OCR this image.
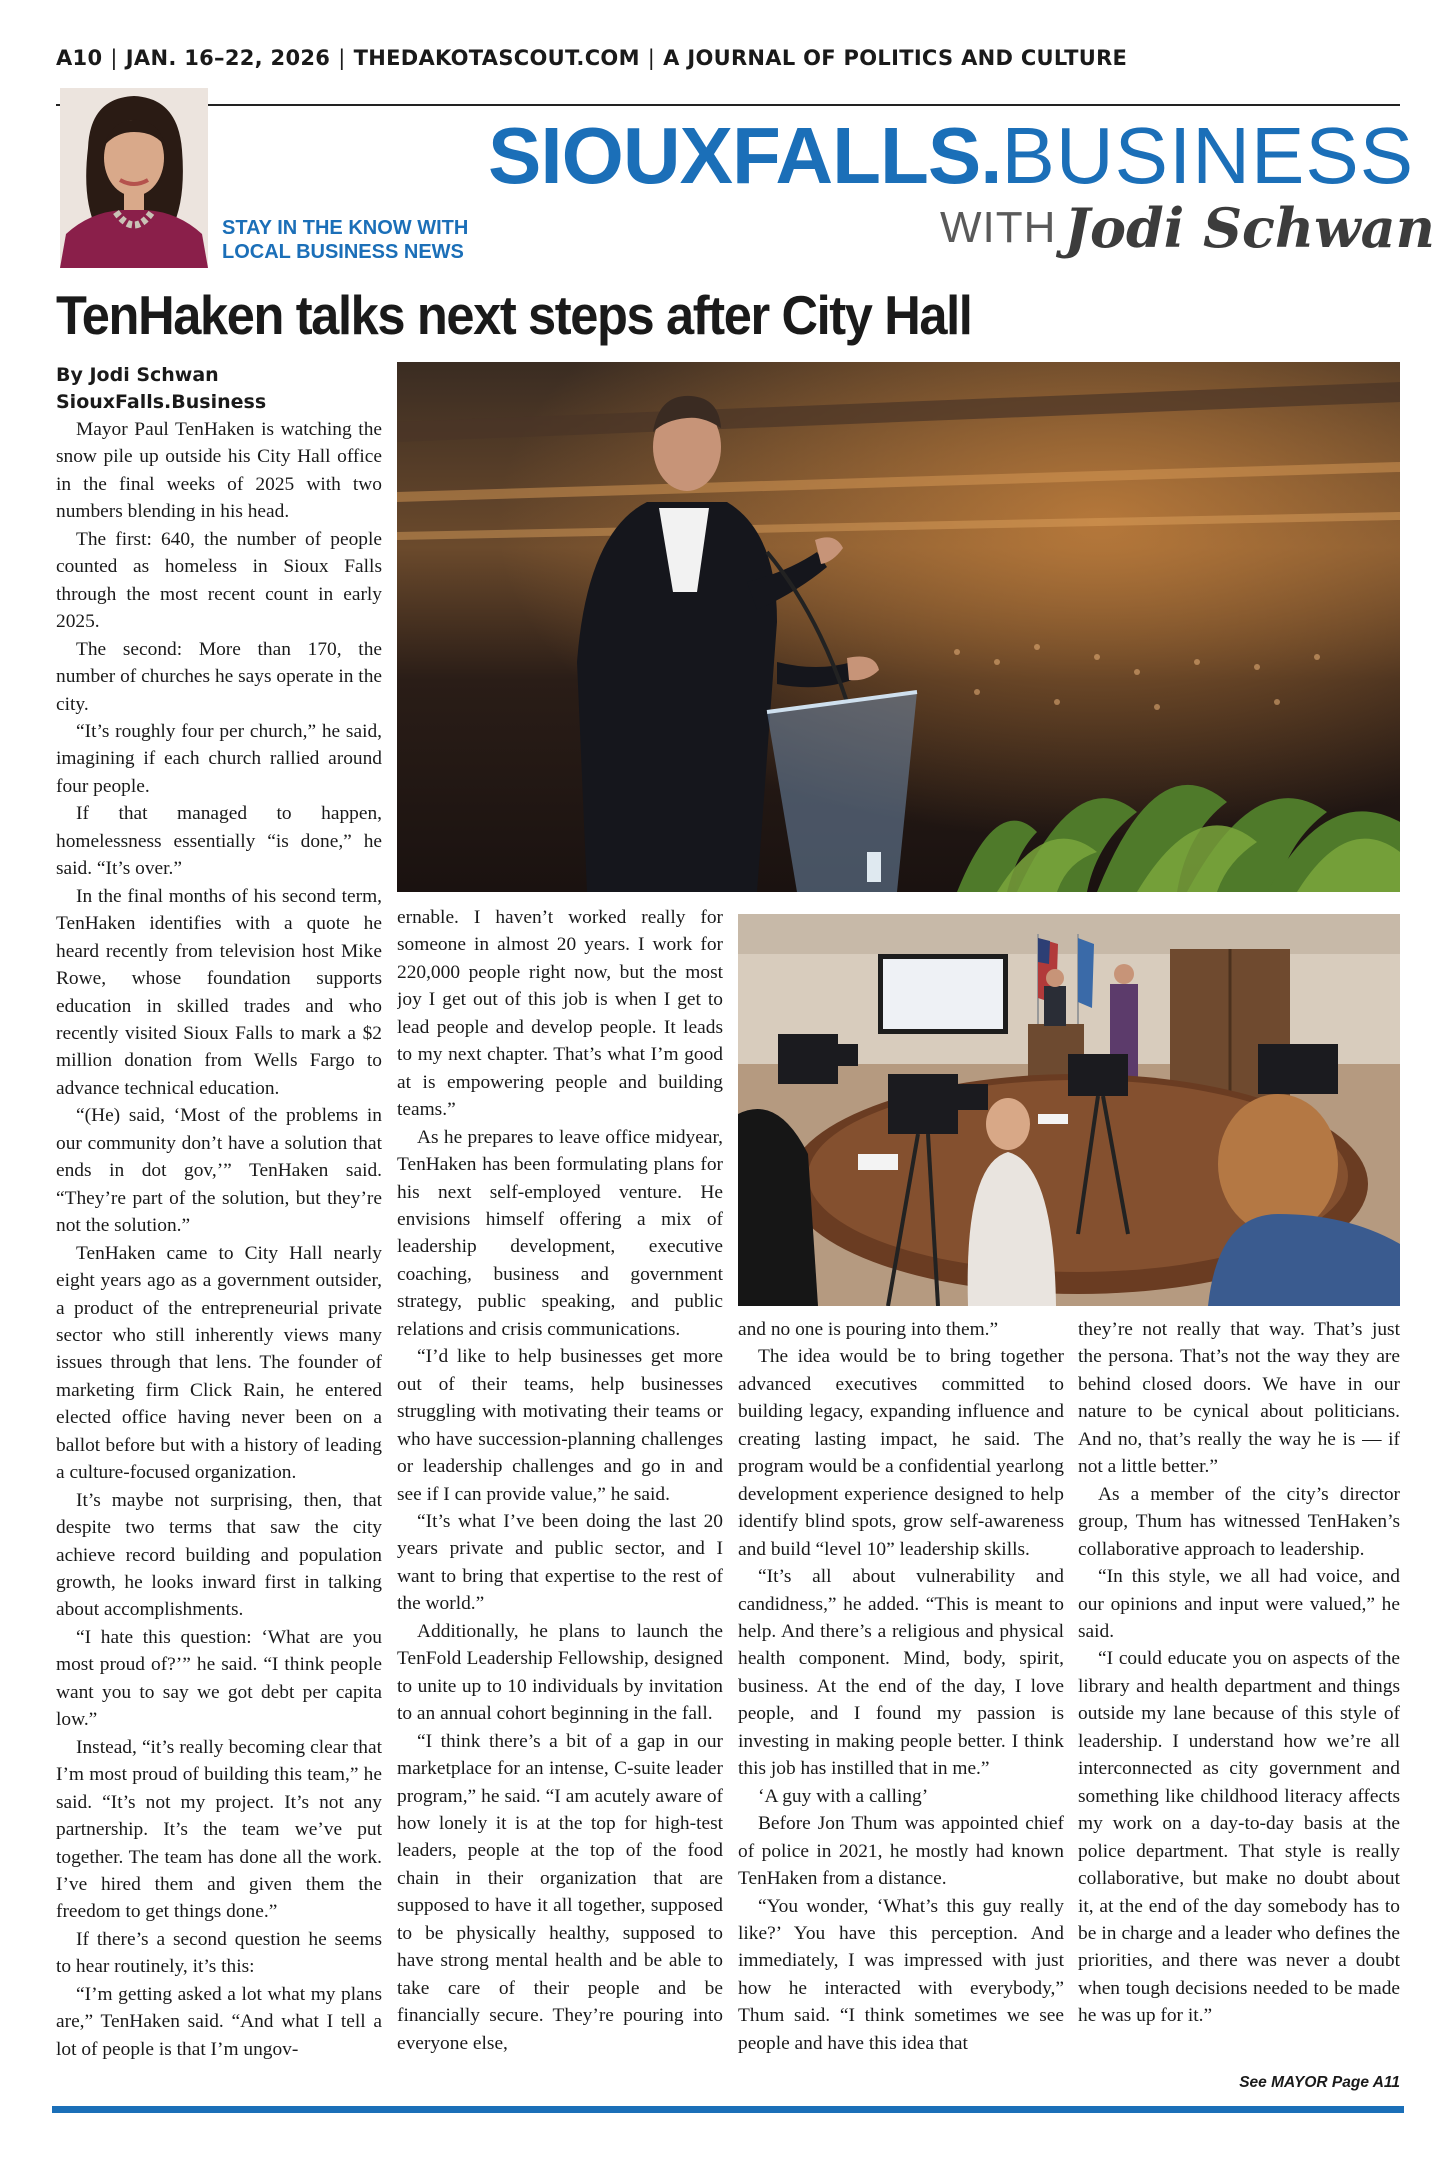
A10 | JAN. 16–22, 2026 | THEDAKOTASCOUT.COM | A JOURNAL OF POLITICS AND CULTURE
STAY IN THE KNOW WITH LOCAL BUSINESS NEWS
SIOUXFALLS.BUSINESS
WITH Jodi Schwan
TenHaken talks next steps after City Hall
By Jodi Schwan
SiouxFalls.Business

Mayor Paul TenHaken is watching the snow pile up outside his City Hall office in the final weeks of 2025 with two numbers blending in his head.

The first: 640, the number of people counted as homeless in Sioux Falls through the most recent count in early 2025.

The second: More than 170, the number of churches he says operate in the city.

“It’s roughly four per church,” he said, imagining if each church rallied around four people.

If that managed to happen, homelessness essentially “is done,” he said. “It’s over.”

In the final months of his second term, TenHaken identifies with a quote he heard recently from television host Mike Rowe, whose foundation supports education in skilled trades and who recently visited Sioux Falls to mark a $2 million donation from Wells Fargo to advance technical education.

“(He) said, ‘Most of the problems in our community don’t have a solution that ends in dot gov,’” TenHaken said. “They’re part of the solution, but they’re not the solution.”

TenHaken came to City Hall nearly eight years ago as a government outsider, a product of the entrepreneurial private sector who still inherently views many issues through that lens. The founder of marketing firm Click Rain, he entered elected office having never been on a ballot before but with a history of leading a culture-focused organization.

It’s maybe not surprising, then, that despite two terms that saw the city achieve record building and population growth, he looks inward first in talking about accomplishments.

“I hate this question: ‘What are you most proud of?’” he said. “I think people want you to say we got debt per capita low.”

Instead, “it’s really becoming clear that I’m most proud of building this team,” he said. “It’s not my project. It’s not any partnership. It’s the team we’ve put together. The team has done all the work. I’ve hired them and given them the freedom to get things done.”

If there’s a second question he seems to hear routinely, it’s this:

“I’m getting asked a lot what my plans are,” TenHaken said. “And what I tell a lot of people is that I’m ungov-

ernable. I haven’t worked really for someone in almost 20 years. I work for 220,000 people right now, but the most joy I get out of this job is when I get to lead people and develop people. It leads to my next chapter. That’s what I’m good at is empowering people and building teams.”

As he prepares to leave office midyear, TenHaken has been formulating plans for his next self-employed venture. He envisions himself offering a mix of leadership development, executive coaching, business and government strategy, public speaking, and public relations and crisis communications.

“I’d like to help businesses get more out of their teams, help businesses struggling with motivating their teams or who have succession-planning challenges or leadership challenges and go in and see if I can provide value,” he said.

“It’s what I’ve been doing the last 20 years private and public sector, and I want to bring that expertise to the rest of the world.”

Additionally, he plans to launch the TenFold Leadership Fellowship, designed to unite up to 10 individuals by invitation to an annual cohort beginning in the fall.

“I think there’s a bit of a gap in our marketplace for an intense, C-suite leader program,” he said. “I am acutely aware of how lonely it is at the top for high-test leaders, people at the top of the food chain in their organization that are supposed to have it all together, supposed to be physically healthy, supposed to have strong mental health and be able to take care of their people and be financially secure. They’re pouring into everyone else,

and no one is pouring into them.”

The idea would be to bring together advanced executives committed to building legacy, expanding influence and creating lasting impact, he said. The program would be a confidential yearlong development experience designed to help identify blind spots, grow self-awareness and build “level 10” leadership skills.

“It’s all about vulnerability and candidness,” he added. “This is meant to help. And there’s a religious and physical health component. Mind, body, spirit, business. At the end of the day, I love people, and I found my passion is investing in making people better. I think this job has instilled that in me.”

‘A guy with a calling’

Before Jon Thum was appointed chief of police in 2021, he mostly had known TenHaken from a distance.

“You wonder, ‘What’s this guy really like?’ You have this perception. And immediately, I was impressed with just how he interacted with everybody,” Thum said. “I think sometimes we see people and have this idea that

they’re not really that way. That’s just the persona. That’s not the way they are behind closed doors. We have in our nature to be cynical about politicians. And no, that’s really the way he is — if not a little better.”

As a member of the city’s director group, Thum has witnessed TenHaken’s collaborative approach to leadership.

“In this style, we all had voice, and our opinions and input were valued,” he said.

“I could educate you on aspects of the library and health department and things outside my lane because of this style of leadership. I understand how we’re all interconnected as city government and something like childhood literacy affects my work on a day-to-day basis at the police department. That style is really collaborative, but make no doubt about it, at the end of the day somebody has to be in charge and a leader who defines the priorities, and there was never a doubt when tough decisions needed to be made he was up for it.”

See MAYOR Page A11
